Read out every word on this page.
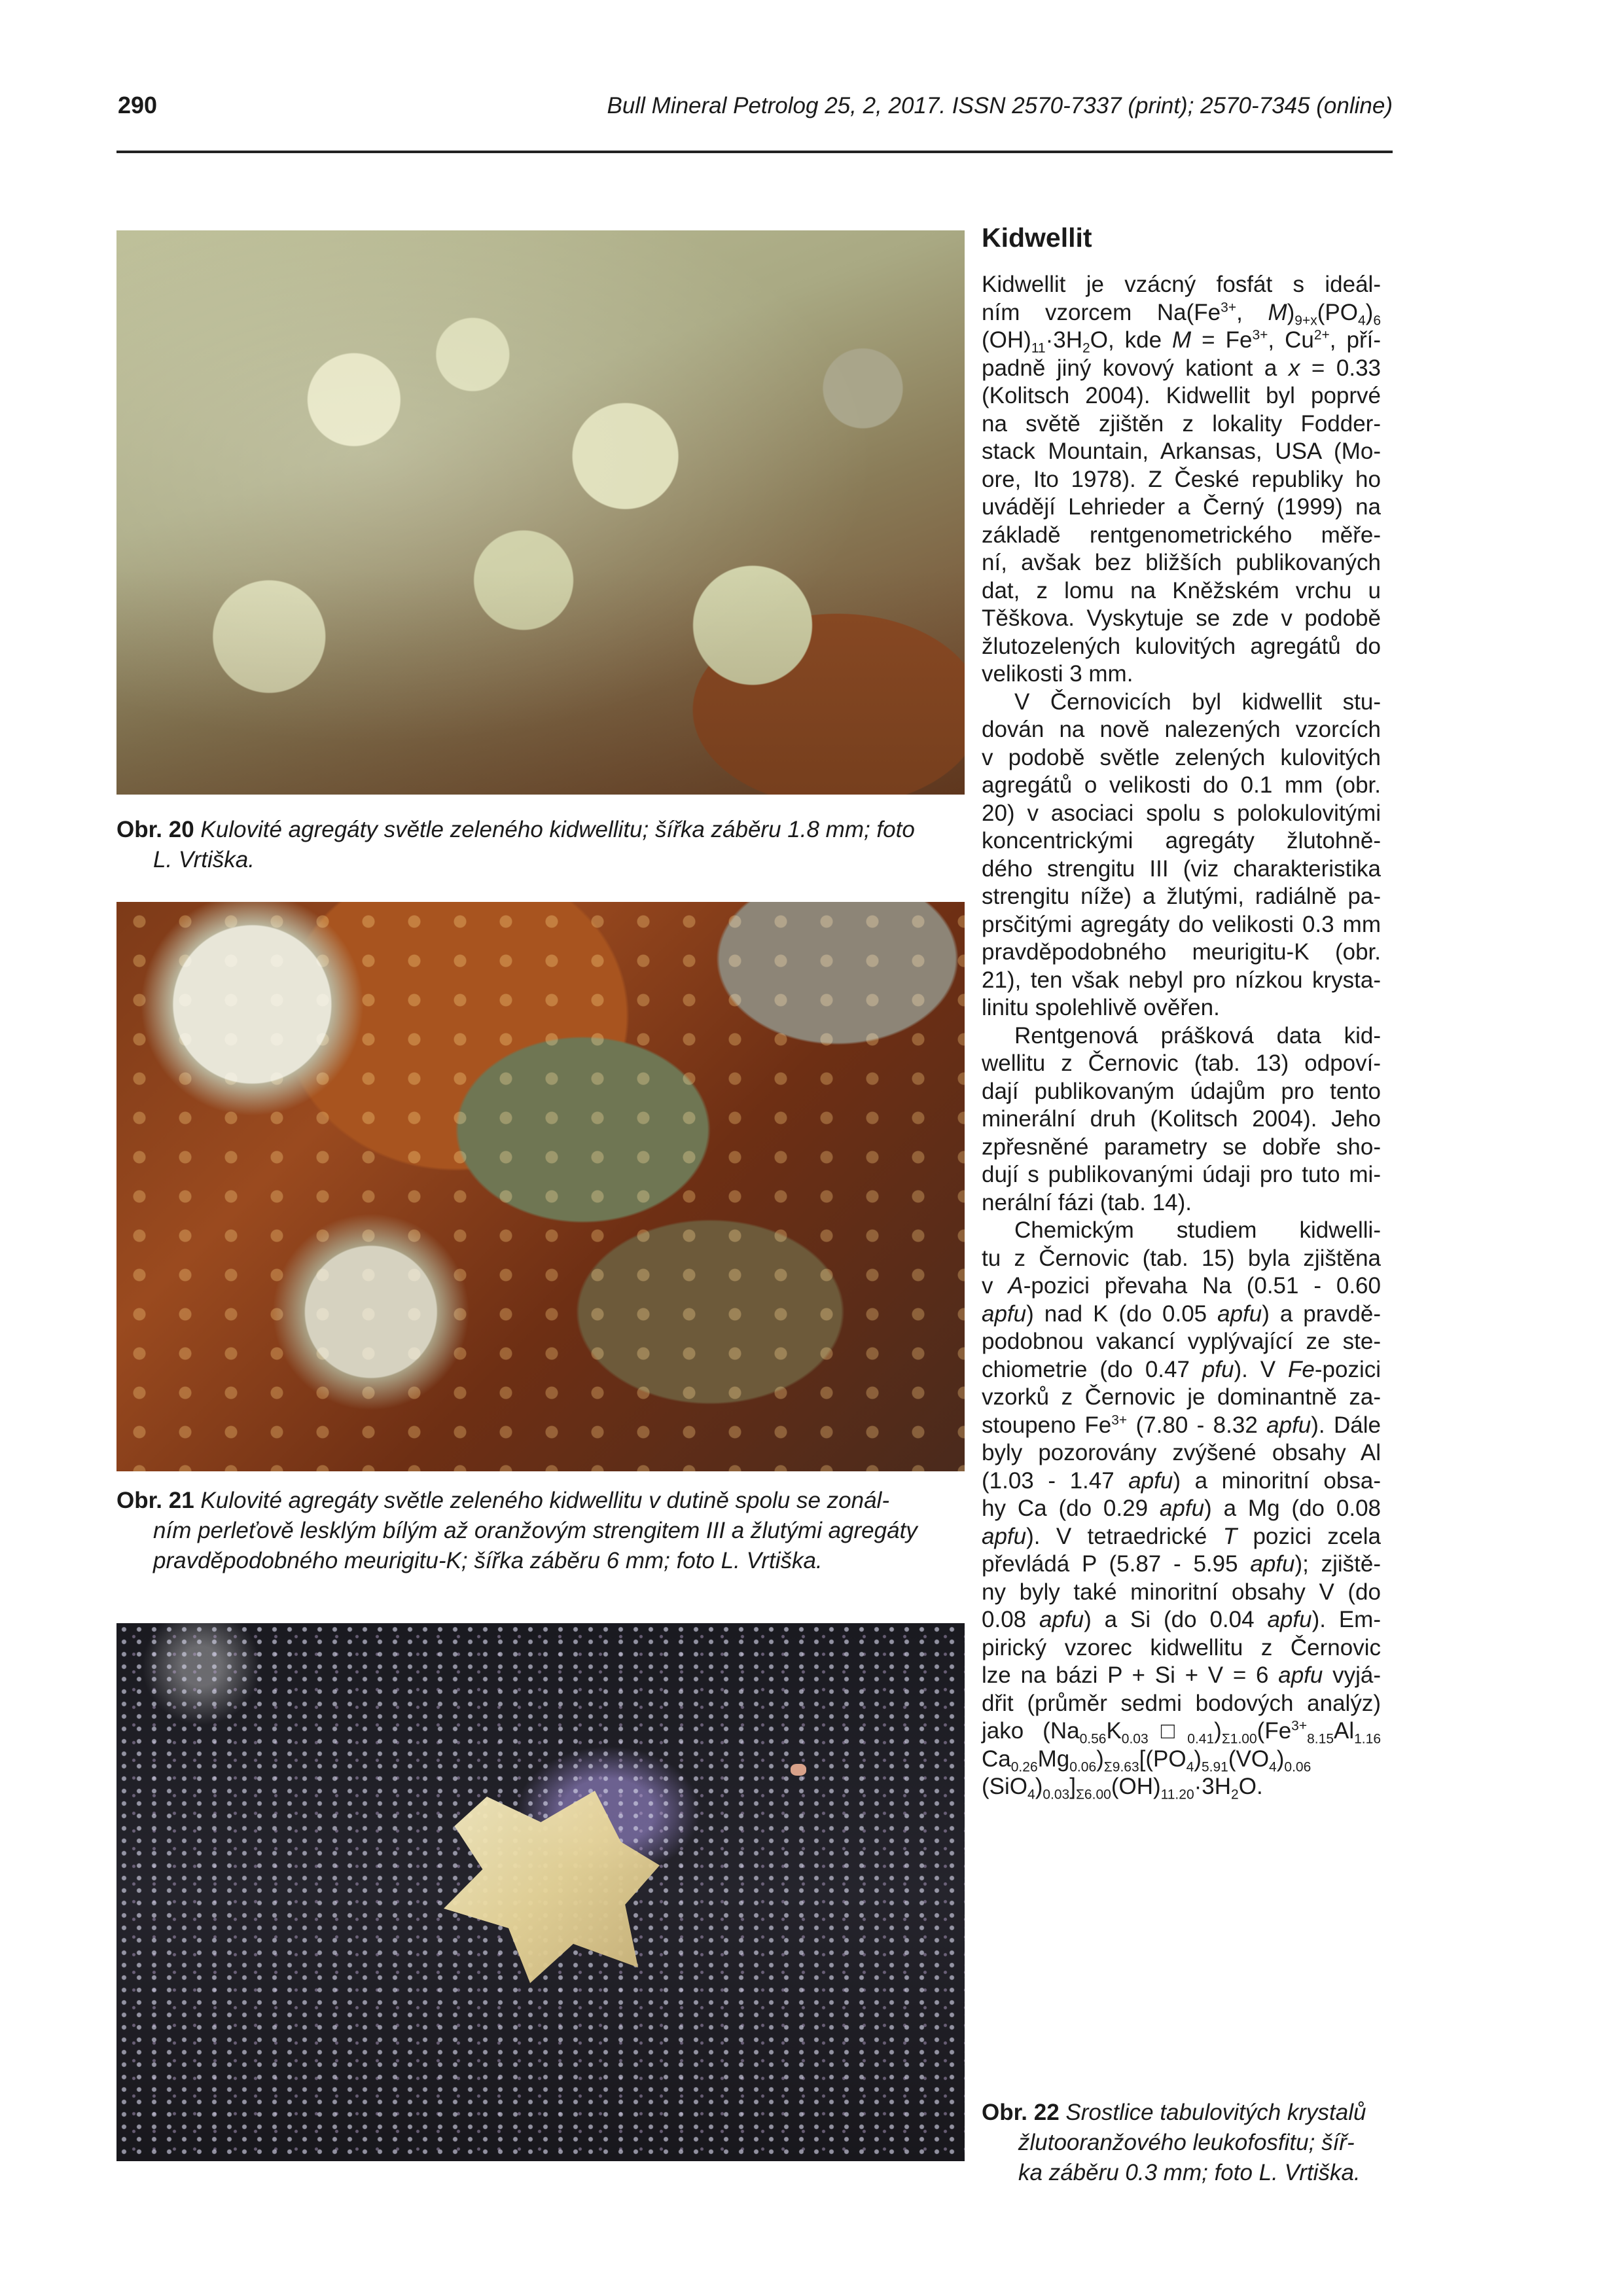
290	Bull Mineral Petrolog 25, 2, 2017. ISSN 2570-7337 (print); 2570-7345 (online)
Obr. 20 Kulovité agregáty světle zeleného kidwellitu; šířka záběru 1.8 mm; foto
L. Vrtiška.
Obr. 21 Kulovité agregáty světle zeleného kidwellitu v dutině spolu se zonál-
ním perleťově lesklým bílým až oranžovým strengitem III a žlutými agregáty
pravděpodobného meurigitu-K; šířka záběru 6 mm; foto L. Vrtiška.
Obr. 22 Srostlice tabulovitých krystalů
žlutooranžového leukofosfitu; šíř-
ka záběru 0.3 mm; foto L. Vrtiška.
Kidwellit
Kidwellit je vzácný fosfát s ideál-
ním vzorcem $Na(Fe^{3+}$, $M)_{9+x}(PO_4)_6$
$(OH)_{11}\cdot 3H_2O$, kde $M = Fe^{3+}$, $Cu^{2+}$, pří-
padně jiný kovový kationt a x = 0.33
(Kolitsch 2004). Kidwellit byl poprvé
na světě zjištěn z lokality Fodder-
stack Mountain, Arkansas, USA (Mo-
ore, Ito 1978). Z České republiky ho
uvádějí Lehrieder a Černý (1999) na
základě rentgenometrického měře-
ní, avšak bez bližších publikovaných
dat, z lomu na Kněžském vrchu u
Těškova. Vyskytuje se zde v podobě
žlutozelených kulovitých agregátů do
velikosti 3 mm.
V Černovicích byl kidwellit stu-
dován na nově nalezených vzorcích
v podobě světle zelených kulovitých
agregátů o velikosti do 0.1 mm (obr.
20) v asociaci spolu s polokulovitými
koncentrickými agregáty žlutohně-
dého strengitu III (viz charakteristika
strengitu níže) a žlutými, radiálně pa-
prsčitými agregáty do velikosti 0.3 mm
pravděpodobného meurigitu-K (obr.
21), ten však nebyl pro nízkou krysta-
linitu spolehlivě ověřen.
Rentgenová prášková data kid-
wellitu z Černovic (tab. 13) odpoví-
dají publikovaným údajům pro tento
minerální druh (Kolitsch 2004). Jeho
zpřesněné parametry se dobře sho-
dují s publikovanými údaji pro tuto mi-
nerální fázi (tab. 14).
Chemickým studiem kidwelli-
tu z Černovic (tab. 15) byla zjištěna
v A-pozici převaha Na (0.51 - 0.60
apfu) nad K (do 0.05 apfu) a pravdě-
podobnou vakancí vyplývající ze ste-
chiometrie (do 0.47 pfu). V Fe-pozici
vzorků z Černovic je dominantně za-
stoupeno $Fe^{3+}$ (7.80 - 8.32 apfu). Dále
byly pozorovány zvýšené obsahy Al
(1.03 - 1.47 apfu) a minoritní obsa-
hy Ca (do 0.29 apfu) a Mg (do 0.08
apfu). V tetraedrické T pozici zcela
převládá P (5.87 - 5.95 apfu); zjiště-
ny byly také minoritní obsahy V (do
0.08 apfu) a Si (do 0.04 apfu). Em-
pirický vzorec kidwellitu z Černovic
lze na bázi P + Si + V = 6 apfu vyjá-
dřit (průměr sedmi bodových analýz)
jako $(Na_{0.56}K_{0.03}□_{0.41})_{\Sigma 1.00}(Fe^{3+}_{8.15}Al_{1.16}$
$Ca_{0.26}Mg_{0.06})_{\Sigma 9.63}[(PO_4)_{5.91}(VO_4)_{0.06}$
$(SiO_4)_{0.03}]_{\Sigma 6.00}(OH)_{11.20}\cdot 3H_2O$.
